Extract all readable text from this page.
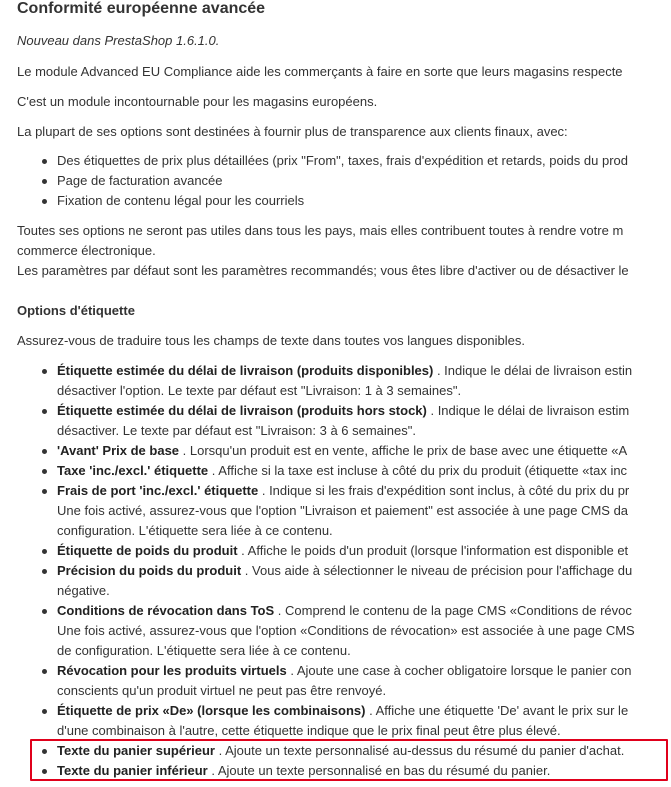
Conformité européenne avancée
Nouveau dans PrestaShop 1.6.1.0.
Le module Advanced EU Compliance aide les commerçants à faire en sorte que leurs magasins respecte
C'est un module incontournable pour les magasins européens.
La plupart de ses options sont destinées à fournir plus de transparence aux clients finaux, avec:
Des étiquettes de prix plus détaillées (prix "From", taxes, frais d'expédition et retards, poids du prod
Page de facturation avancée
Fixation de contenu légal pour les courriels
Toutes ses options ne seront pas utiles dans tous les pays, mais elles contribuent toutes à rendre votre m
commerce électronique.
Les paramètres par défaut sont les paramètres recommandés; vous êtes libre d'activer ou de désactiver le
Options d'étiquette
Assurez-vous de traduire tous les champs de texte dans toutes vos langues disponibles.
Étiquette estimée du délai de livraison (produits disponibles) . Indique le délai de livraison estin
désactiver l'option. Le texte par défaut est "Livraison: 1 à 3 semaines".
Étiquette estimée du délai de livraison (produits hors stock) . Indique le délai de livraison estim
désactiver. Le texte par défaut est "Livraison: 3 à 6 semaines".
'Avant' Prix de base . Lorsqu'un produit est en vente, affiche le prix de base avec une étiquette «A
Taxe 'inc./excl.' étiquette . Affiche si la taxe est incluse à côté du prix du produit (étiquette «tax inc
Frais de port 'inc./excl.' étiquette . Indique si les frais d'expédition sont inclus, à côté du prix du pr
Une fois activé, assurez-vous que l'option "Livraison et paiement" est associée à une page CMS da
configuration. L'étiquette sera liée à ce contenu.
Étiquette de poids du produit . Affiche le poids d'un produit (lorsque l'information est disponible et
Précision du poids du produit . Vous aide à sélectionner le niveau de précision pour l'affichage du
négative.
Conditions de révocation dans ToS . Comprend le contenu de la page CMS «Conditions de révoc
Une fois activé, assurez-vous que l'option «Conditions de révocation» est associée à une page CMS
de configuration. L'étiquette sera liée à ce contenu.
Révocation pour les produits virtuels . Ajoute une case à cocher obligatoire lorsque le panier con
conscients qu'un produit virtuel ne peut pas être renvoyé.
Étiquette de prix «De» (lorsque les combinaisons) . Affiche une étiquette 'De' avant le prix sur le
d'une combinaison à l'autre, cette étiquette indique que le prix final peut être plus élevé.
Texte du panier supérieur . Ajoute un texte personnalisé au-dessus du résumé du panier d'achat.
Texte du panier inférieur . Ajoute un texte personnalisé en bas du résumé du panier.
